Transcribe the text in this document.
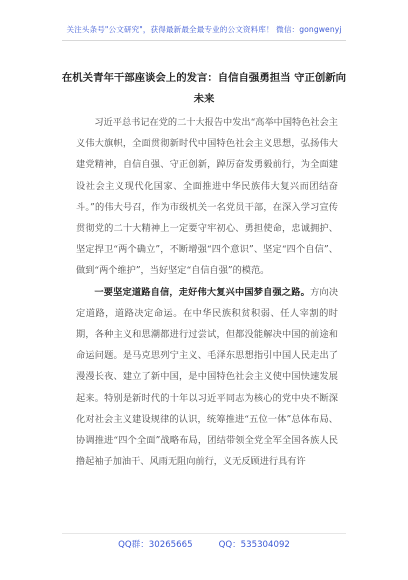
关注头条号"公文研究"，获得最新最全最专业的公文资料库！ 微信：gongwenyj
在机关青年干部座谈会上的发言：自信自强勇担当 守正创新向未来

习近平总书记在党的二十大报告中发出“高举中国特色社会主义伟大旗帜，全面贯彻新时代中国特色社会主义思想，弘扬伟大建党精神，自信自强、守正创新，踔厉奋发勇毅前行，为全面建设社会主义现代化国家、全面推进中华民族伟大复兴而团结奋斗。”的伟大号召，作为市级机关一名党员干部，在深入学习宣传贯彻党的二十大精神上一定要守牢初心、勇担使命，忠诚拥护、坚定捍卫“两个确立”，不断增强“四个意识”、坚定“四个自信”、做到“两个维护”，当好坚定“自信自强”的模范。

一要坚定道路自信，走好伟大复兴中国梦自强之路。方向决定道路，道路决定命运。在中华民族积贫积弱、任人宰割的时期，各种主义和思潮都进行过尝试，但都没能解决中国的前途和命运问题。是马克思列宁主义、毛泽东思想指引中国人民走出了漫漫长夜、建立了新中国，是中国特色社会主义使中国快速发展起来。特别是新时代的十年以习近平同志为核心的党中央不断深化对社会主义建设规律的认识，统筹推进“五位一体”总体布局、协调推进“四个全面”战略布局，团结带领全党全军全国各族人民撸起袖子加油干、风雨无阻向前行，义无反顾进行具有许

QQ群：30265665	QQ：535304092
